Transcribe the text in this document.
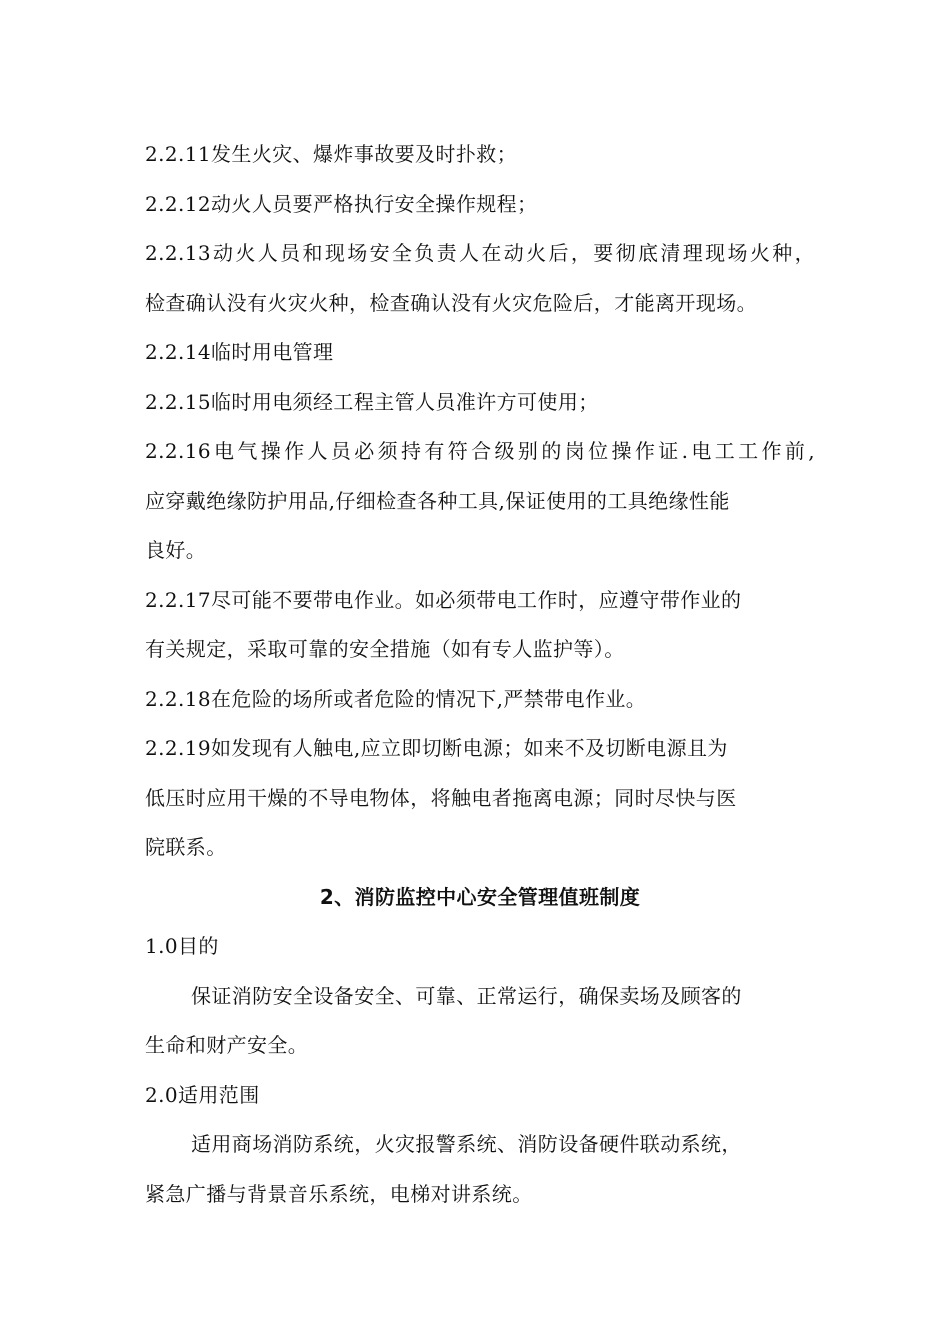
2.2.11发生火灾、爆炸事故要及时扑救；
2.2.12动火人员要严格执行安全操作规程；
2.2.13动火人员和现场安全负责人在动火后，要彻底清理现场火种，
检查确认没有火灾火种，检查确认没有火灾危险后，才能离开现场。
2.2.14临时用电管理
2.2.15临时用电须经工程主管人员准许方可使用；
2.2.16电气操作人员必须持有符合级别的岗位操作证.电工工作前,
应穿戴绝缘防护用品,仔细检查各种工具,保证使用的工具绝缘性能
良好。
2.2.17尽可能不要带电作业。如必须带电工作时，应遵守带作业的
有关规定，采取可靠的安全措施（如有专人监护等）。
2.2.18在危险的场所或者危险的情况下,严禁带电作业。
2.2.19如发现有人触电,应立即切断电源；如来不及切断电源且为
低压时应用干燥的不导电物体，将触电者拖离电源；同时尽快与医
院联系。
2、消防监控中心安全管理值班制度
1.0目的
保证消防安全设备安全、可靠、正常运行，确保卖场及顾客的
生命和财产安全。
2.0适用范围
适用商场消防系统，火灾报警系统、消防设备硬件联动系统，
紧急广播与背景音乐系统，电梯对讲系统。
